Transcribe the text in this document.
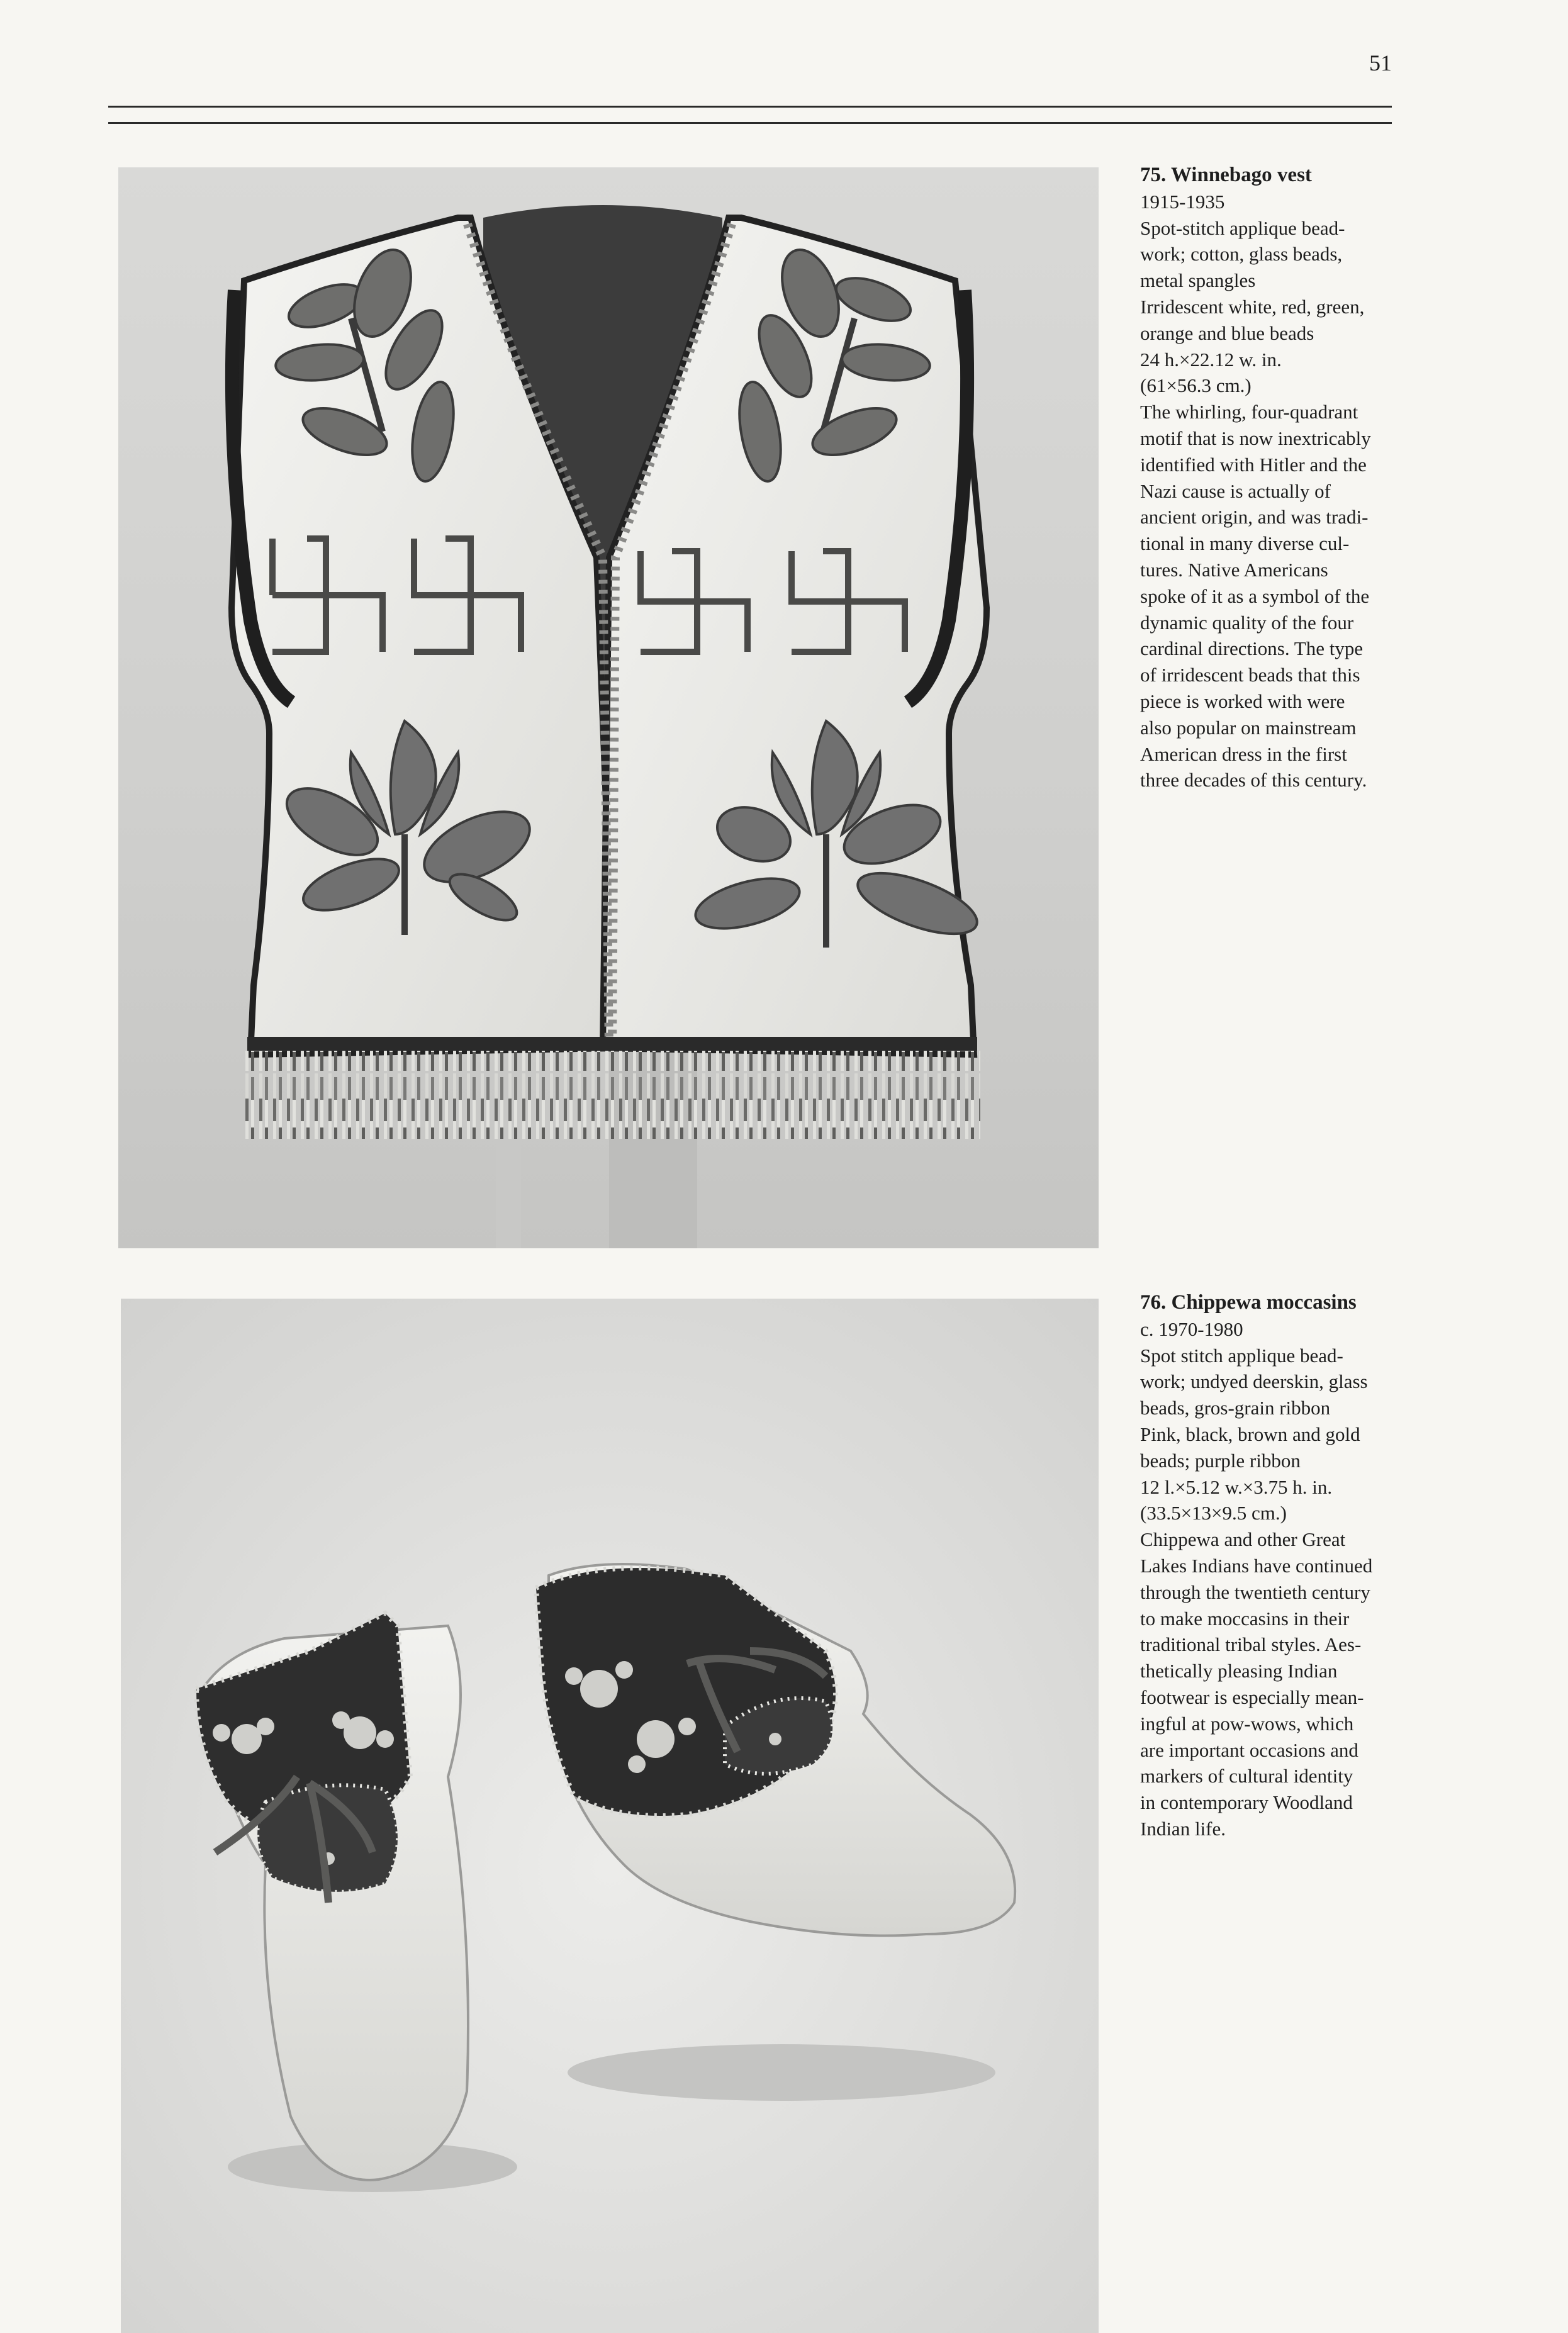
51
75. Winnebago vest
1915-1935
Spot-stitch applique bead-
work; cotton, glass beads,
metal spangles
Irridescent white, red, green,
orange and blue beads
24 h.×22.12 w. in.
(61×56.3 cm.)
The whirling, four-quadrant
motif that is now inextricably
identified with Hitler and the
Nazi cause is actually of
ancient origin, and was tradi-
tional in many diverse cul-
tures. Native Americans
spoke of it as a symbol of the
dynamic quality of the four
cardinal directions. The type
of irridescent beads that this
piece is worked with were
also popular on mainstream
American dress in the first
three decades of this century.
76. Chippewa moccasins
c. 1970-1980
Spot stitch applique bead-
work; undyed deerskin, glass
beads, gros-grain ribbon
Pink, black, brown and gold
beads; purple ribbon
12 l.×5.12 w.×3.75 h. in.
(33.5×13×9.5 cm.)
Chippewa and other Great
Lakes Indians have continued
through the twentieth century
to make moccasins in their
traditional tribal styles. Aes-
thetically pleasing Indian
footwear is especially mean-
ingful at pow-wows, which
are important occasions and
markers of cultural identity
in contemporary Woodland
Indian life.
